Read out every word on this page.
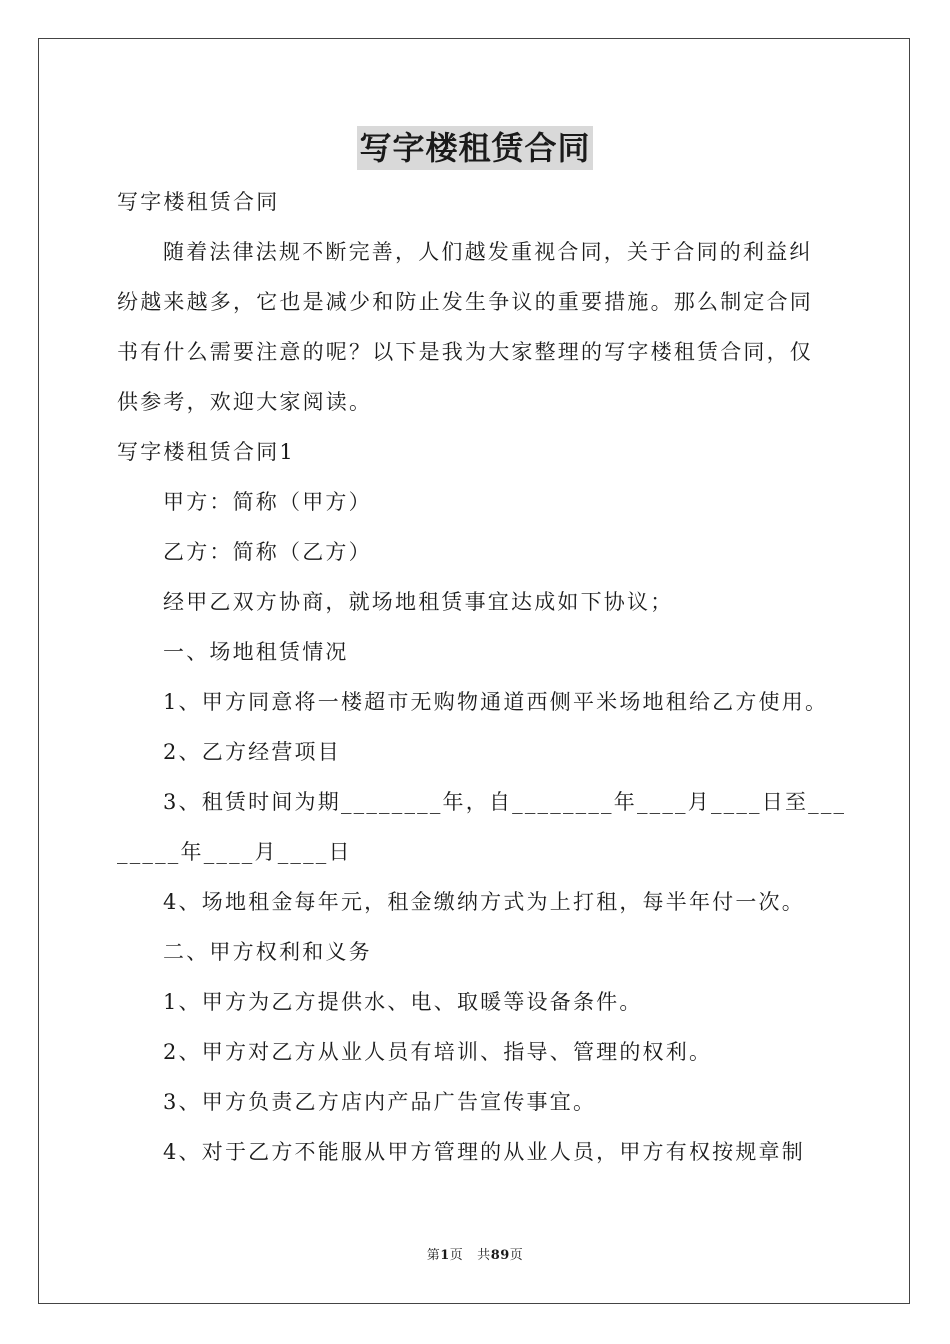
写字楼租赁合同
写字楼租赁合同
随着法律法规不断完善，人们越发重视合同，关于合同的利益纠
纷越来越多，它也是减少和防止发生争议的重要措施。那么制定合同
书有什么需要注意的呢？以下是我为大家整理的写字楼租赁合同，仅
供参考，欢迎大家阅读。
写字楼租赁合同1
甲方：简称（甲方）
乙方：简称（乙方）
经甲乙双方协商，就场地租赁事宜达成如下协议；
一、场地租赁情况
1、甲方同意将一楼超市无购物通道西侧平米场地租给乙方使用。
2、乙方经营项目
3、租赁时间为期________年，自________年____月____日至___
_____年____月____日
4、场地租金每年元，租金缴纳方式为上打租，每半年付一次。
二、甲方权利和义务
1、甲方为乙方提供水、电、取暖等设备条件。
2、甲方对乙方从业人员有培训、指导、管理的权利。
3、甲方负责乙方店内产品广告宣传事宜。
4、对于乙方不能服从甲方管理的从业人员，甲方有权按规章制
第1页 共89页
